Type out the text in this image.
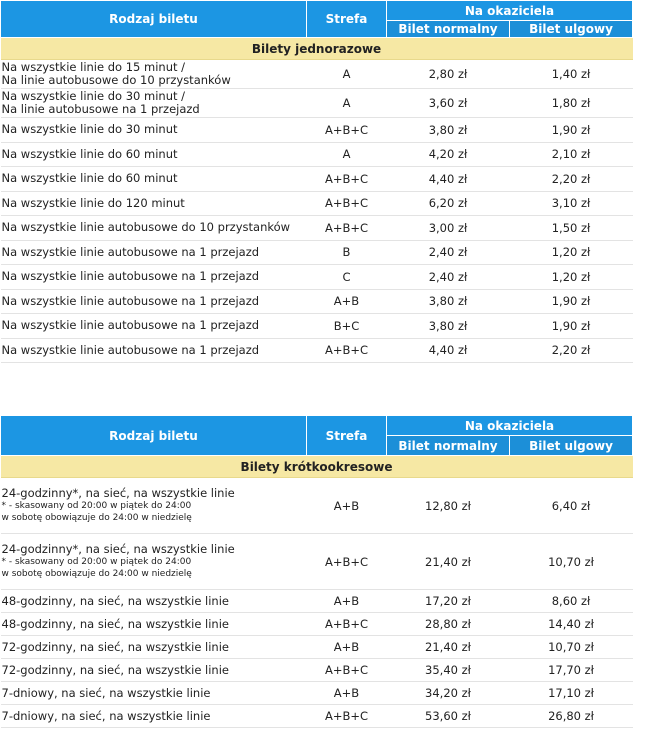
Rodzaj biletu	Strefa	Na okaziciela	
		Bilet normalny	Bilet ulgowy
Bilety jednorazowe			

Na wszystkie linie do 15 minut /
Na linie autobusowe do 10 przystanków	A	2,80 zł	1,40 zł

Na wszystkie linie do 30 minut /
Na linie autobusowe na 1 przejazd	A	3,60 zł	1,80 zł

Na wszystkie linie do 30 minut	A+B+C	3,80 zł	1,90 zł

Na wszystkie linie do 60 minut	A	4,20 zł	2,10 zł

Na wszystkie linie do 60 minut	A+B+C	4,40 zł	2,20 zł

Na wszystkie linie do 120 minut	A+B+C	6,20 zł	3,10 zł

Na wszystkie linie autobusowe do 10 przystanków	A+B+C	3,00 zł	1,50 zł

Na wszystkie linie autobusowe na 1 przejazd	B	2,40 zł	1,20 zł

Na wszystkie linie autobusowe na 1 przejazd	C	2,40 zł	1,20 zł

Na wszystkie linie autobusowe na 1 przejazd	A+B	3,80 zł	1,90 zł

Na wszystkie linie autobusowe na 1 przejazd	B+C	3,80 zł	1,90 zł

Na wszystkie linie autobusowe na 1 przejazd	A+B+C	4,40 zł	2,20 zł
Rodzaj biletu	Strefa	Na okaziciela	
		Bilet normalny	Bilet ulgowy
Bilety krótkookresowe			

24-godzinny*, na sieć, na wszystkie linie
* - skasowany od 20:00 w piątek do 24:00
w sobotę obowiązuje do 24:00 w niedzielę	A+B	12,80 zł	6,40 zł

24-godzinny*, na sieć, na wszystkie linie
* - skasowany od 20:00 w piątek do 24:00
w sobotę obowiązuje do 24:00 w niedzielę	A+B+C	21,40 zł	10,70 zł

48-godzinny, na sieć, na wszystkie linie	A+B	17,20 zł	8,60 zł

48-godzinny, na sieć, na wszystkie linie	A+B+C	28,80 zł	14,40 zł

72-godzinny, na sieć, na wszystkie linie	A+B	21,40 zł	10,70 zł

72-godzinny, na sieć, na wszystkie linie	A+B+C	35,40 zł	17,70 zł

7-dniowy, na sieć, na wszystkie linie	A+B	34,20 zł	17,10 zł

7-dniowy, na sieć, na wszystkie linie	A+B+C	53,60 zł	26,80 zł
